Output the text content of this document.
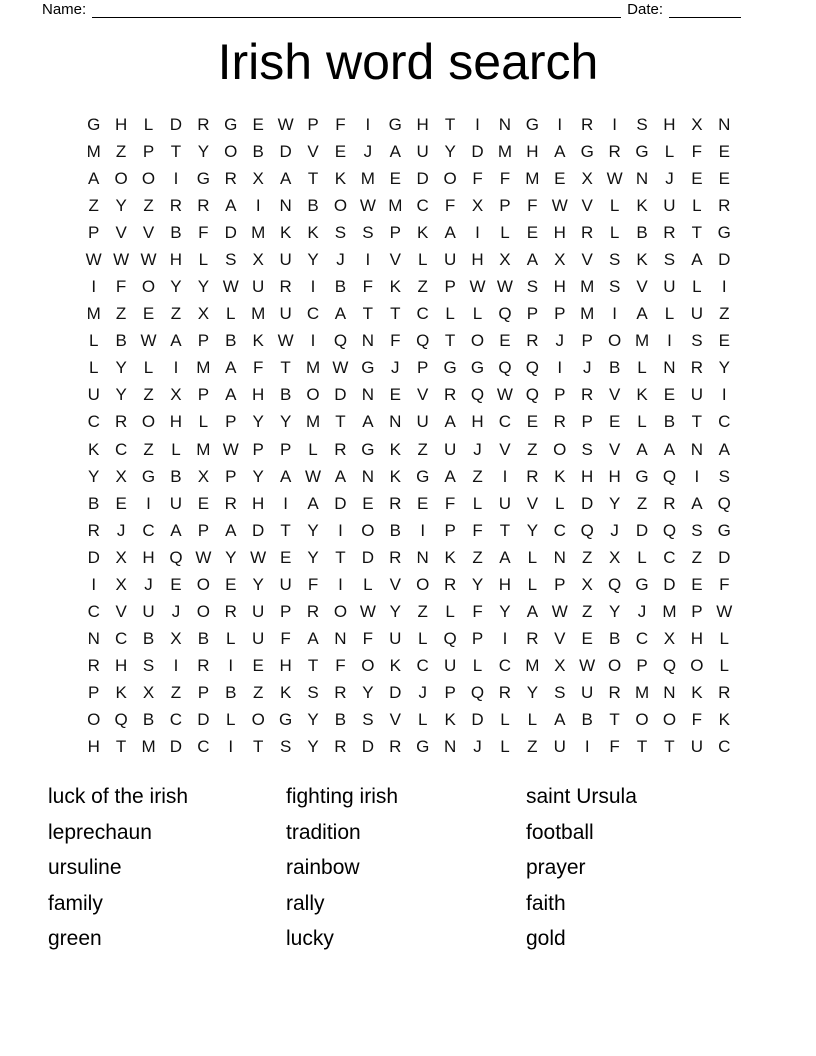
Name:	Date:
Irish word search
G H L D R G E W P F	I	G H T	I	N G	I	R	I	S H X N
M Z P T Y O B D V E	J	A U Y D M H A G R G L	F E
A O O	I	G R X A T K M E D O F	F M E X W N	J	E E
Z Y Z R R A	I	N B O W M C F X P F W V	L	K U L R
P V V B F D M K K S S P K A	I	L	E H R L	B R T G
W W W H L	S X U Y	J	I	V	L U H X A X V S K S A D
I	F O Y Y W U R	I	B F K Z P W W S H M S V U L	I
M Z E Z X	L M U C A T	T C L	L Q P P M	I	A	L U Z
L	B W A P B K W	I	Q N F Q T O E R	J	P O M	I	S E
L	Y	L	I	M A F	T M W G J	P G G Q Q	I	J	B	L N R Y
U Y Z X P A H B O D N E V R Q W Q P R V K E U	I
C R O H L	P Y Y M T A N U A H C E R P E	L	B T C
K C Z	L M W P P	L R G K Z U	J	V Z O S V A A N A
Y X G B X P Y A W A N K G A Z	I	R K H H G Q	I	S
B E	I	U E R H	I	A D E R E F	L U V	L D Y Z R A Q
R	J	C A P A D T Y	I	O B	I	P F	T Y C Q J	D Q S G
D X H Q W Y W E Y T D R N K Z A	L N Z X	L C Z D
I	X	J	E O E Y U F	I	L	V O R Y H L	P X Q G D E F
C V U	J O R U P R O W Y Z	L	F Y A W Z Y	J M P W
N C B X B	L U F A N F U L Q P	I	R V E B C X H L
R H S	I	R	I	E H T	F O K C U L C M X W O P Q O L
P K X Z P B Z K S R Y D	J	P Q R Y S U R M N K R
O Q B C D L O G Y B S V	L	K D L	L	A B T O O F K
H T M D C	I	T S Y R D R G N	J	L	Z U	I	F	T	T U C
luck of the irish
leprechaun
ursuline
family
green
fighting irish
tradition
rainbow
rally
lucky
saint Ursula
football
prayer
faith
gold
